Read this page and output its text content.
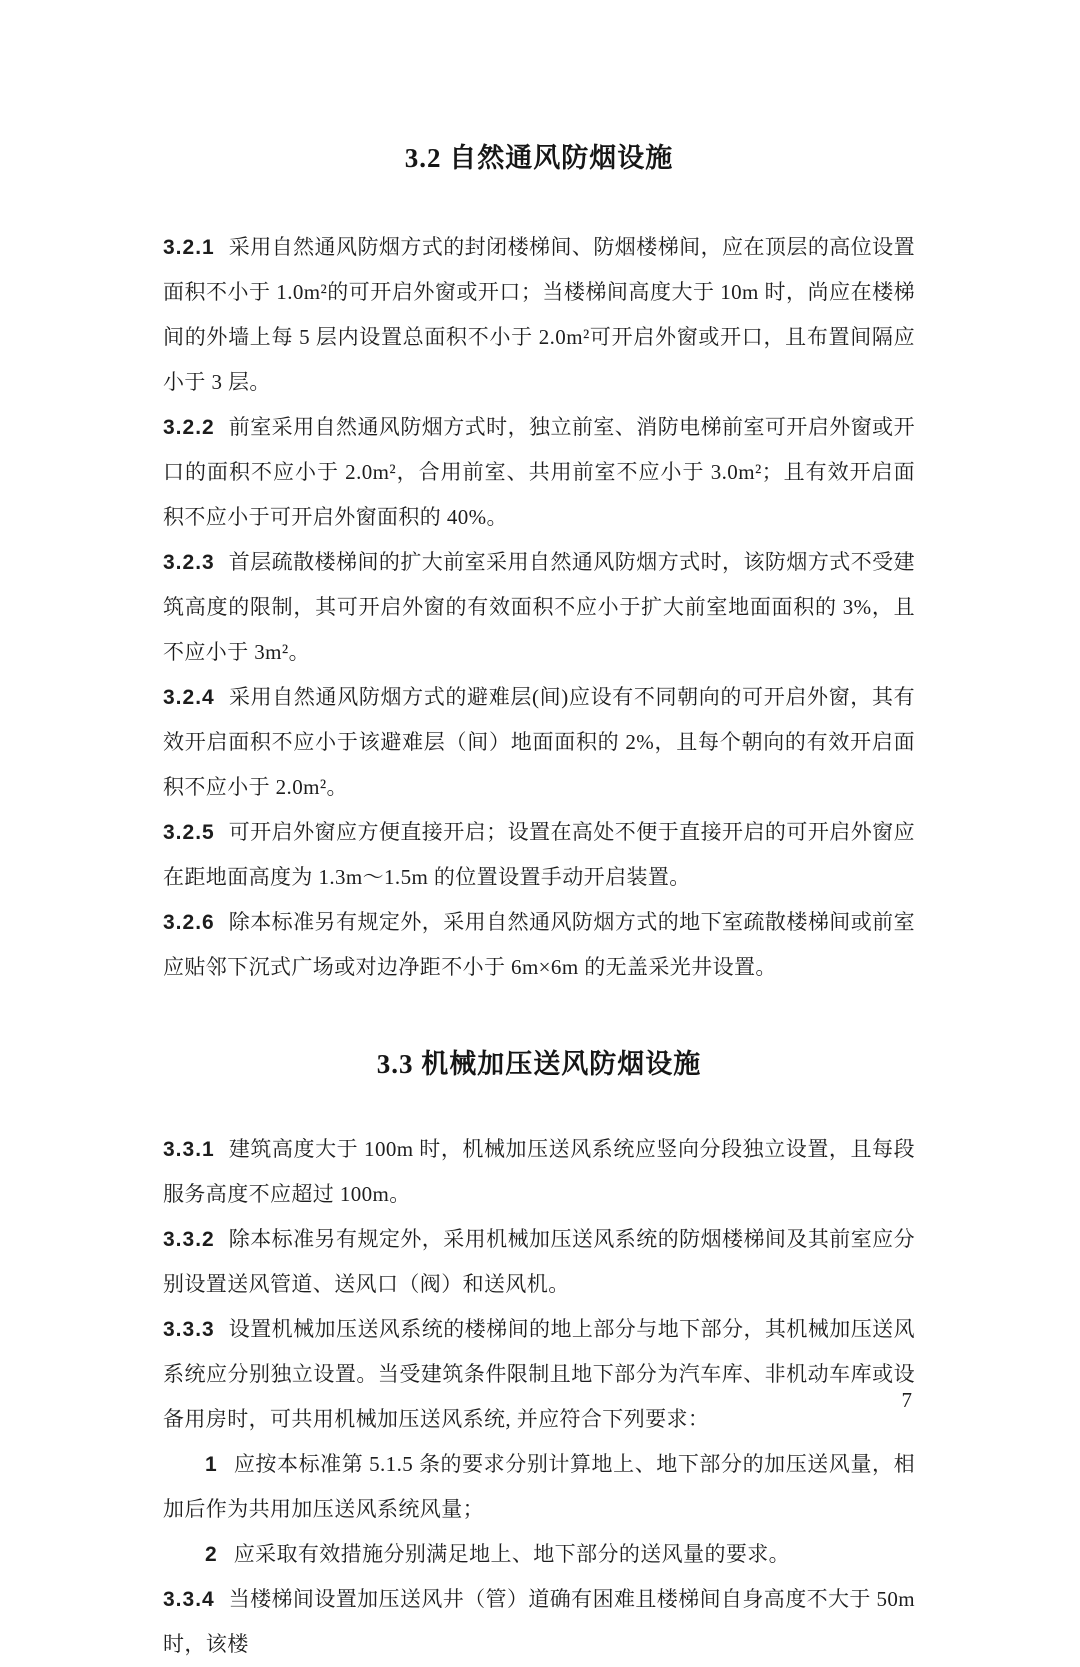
3.2 自然通风防烟设施

3.2.1 采用自然通风防烟方式的封闭楼梯间、防烟楼梯间，应在顶层的高位设置面积不小于 1.0m²的可开启外窗或开口；当楼梯间高度大于 10m 时，尚应在楼梯间的外墙上每 5 层内设置总面积不小于 2.0m²可开启外窗或开口，且布置间隔应小于 3 层。

3.2.2 前室采用自然通风防烟方式时，独立前室、消防电梯前室可开启外窗或开口的面积不应小于 2.0m²，合用前室、共用前室不应小于 3.0m²；且有效开启面积不应小于可开启外窗面积的 40%。

3.2.3 首层疏散楼梯间的扩大前室采用自然通风防烟方式时，该防烟方式不受建筑高度的限制，其可开启外窗的有效面积不应小于扩大前室地面面积的 3%，且不应小于 3m²。

3.2.4 采用自然通风防烟方式的避难层(间)应设有不同朝向的可开启外窗，其有效开启面积不应小于该避难层（间）地面面积的 2%，且每个朝向的有效开启面积不应小于 2.0m²。

3.2.5 可开启外窗应方便直接开启；设置在高处不便于直接开启的可开启外窗应在距地面高度为 1.3m～1.5m 的位置设置手动开启装置。

3.2.6 除本标准另有规定外，采用自然通风防烟方式的地下室疏散楼梯间或前室应贴邻下沉式广场或对边净距不小于 6m×6m 的无盖采光井设置。

3.3 机械加压送风防烟设施

3.3.1 建筑高度大于 100m 时，机械加压送风系统应竖向分段独立设置，且每段服务高度不应超过 100m。

3.3.2 除本标准另有规定外，采用机械加压送风系统的防烟楼梯间及其前室应分别设置送风管道、送风口（阀）和送风机。

3.3.3 设置机械加压送风系统的楼梯间的地上部分与地下部分，其机械加压送风系统应分别独立设置。当受建筑条件限制且地下部分为汽车库、非机动车库或设备用房时，可共用机械加压送风系统, 并应符合下列要求：

1 应按本标准第 5.1.5 条的要求分别计算地上、地下部分的加压送风量，相加后作为共用加压送风系统风量；

2 应采取有效措施分别满足地上、地下部分的送风量的要求。

3.3.4 当楼梯间设置加压送风井（管）道确有困难且楼梯间自身高度不大于 50m 时，该楼

7
